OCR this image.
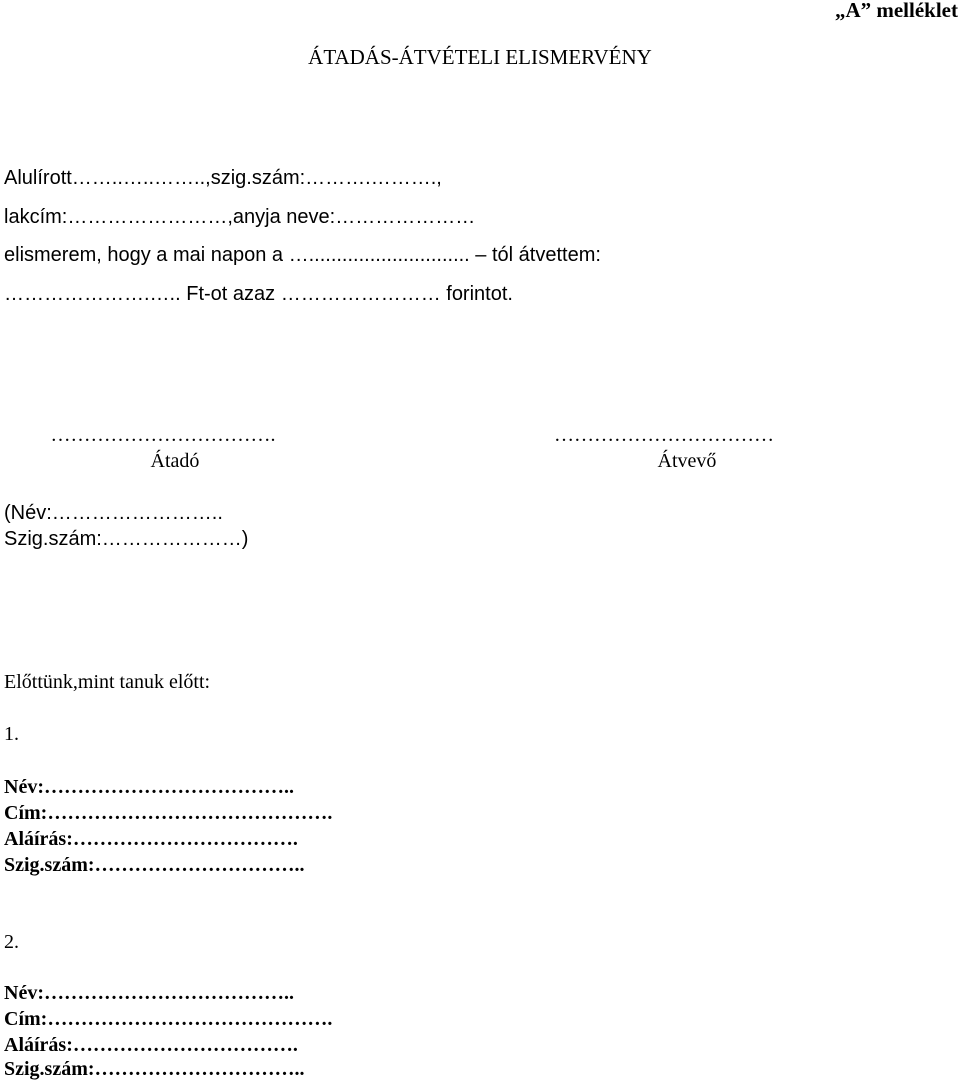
„A” melléklet
ÁTADÁS-ÁTVÉTELI ELISMERVÉNY
Alulírott……..…..……..,szig.szám:……….……….,
lakcím:……………………,anyja neve:…………………
elismerem, hogy a mai napon a …............................. – tól átvettem:
………………….….. Ft-ot azaz …………………… forintot.
…………………………….
Átadó
……………………………
Átvevő
(Név:……………………..
Szig.szám:…………………)
Előttünk,mint tanuk előtt:
1.
Név:………………………………..
Cím:…………………………………….
Aláírás:…………………………….
Szig.szám:…………………………..
2.
Név:………………………………..
Cím:…………………………………….
Aláírás:…………………………….
Szig.szám:…………………………..
